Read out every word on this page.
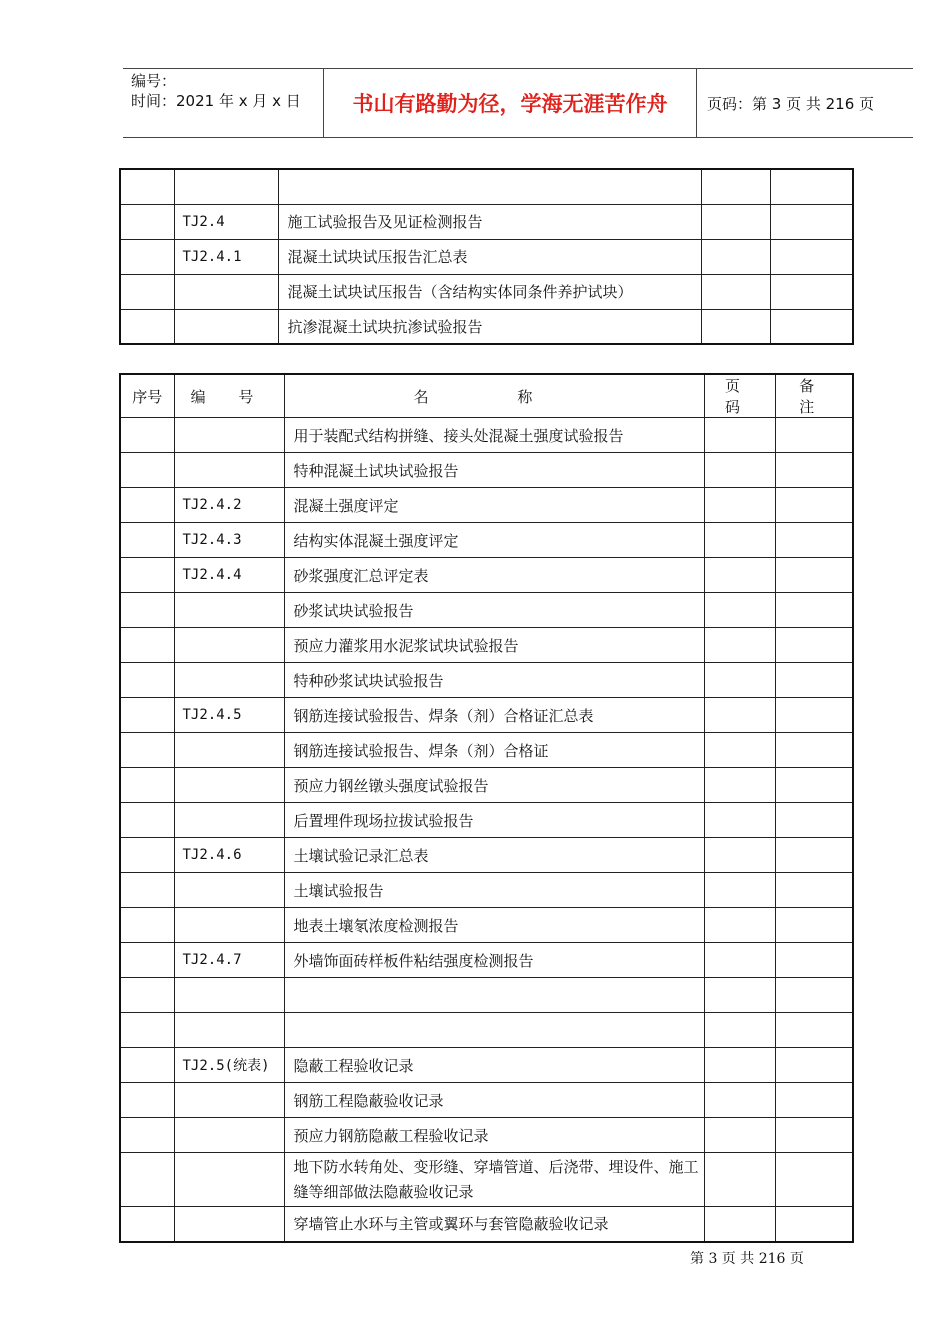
编号：
时间：2021 年 x 月 x 日	书山有路勤为径，学海无涯苦作舟	页码：第 3 页 共 216 页

	TJ2.4	施工试验报告及见证检测报告		
	TJ2.4.1	混凝土试块试压报告汇总表		
		混凝土试块试压报告（含结构实体同条件养护试块）		
		抗渗混凝土试块抗渗试验报告		
序号	编 号	名 称	页 码	备 注
		用于装配式结构拼缝、接头处混凝土强度试验报告		
		特种混凝土试块试验报告		
	TJ2.4.2	混凝土强度评定		
	TJ2.4.3	结构实体混凝土强度评定		
	TJ2.4.4	砂浆强度汇总评定表		
		砂浆试块试验报告		
		预应力灌浆用水泥浆试块试验报告		
		特种砂浆试块试验报告		
	TJ2.4.5	钢筋连接试验报告、焊条（剂）合格证汇总表		
		钢筋连接试验报告、焊条（剂）合格证		
		预应力钢丝镦头强度试验报告		
		后置埋件现场拉拔试验报告		
	TJ2.4.6	土壤试验记录汇总表		
		土壤试验报告		
		地表土壤氡浓度检测报告		
	TJ2.4.7	外墙饰面砖样板件粘结强度检测报告		

	TJ2.5(统表)	隐蔽工程验收记录		
		钢筋工程隐蔽验收记录		
		预应力钢筋隐蔽工程验收记录		
		地下防水转角处、变形缝、穿墙管道、后浇带、埋设件、施工缝等细部做法隐蔽验收记录		
		穿墙管止水环与主管或翼环与套管隐蔽验收记录		
第 3 页 共 216 页
